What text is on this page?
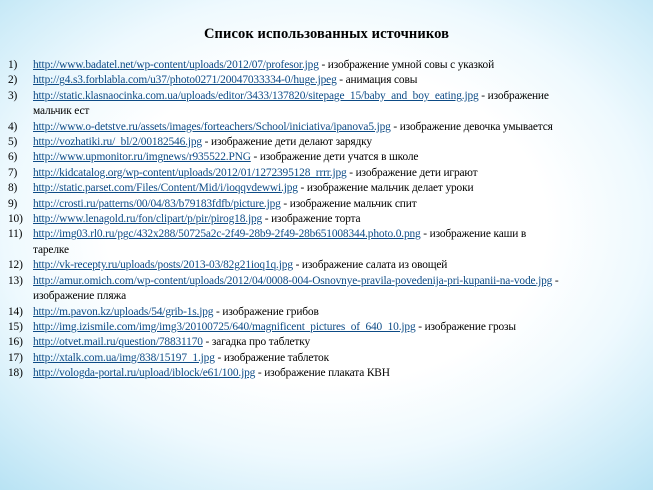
Список использованных источников
1) http://www.badatel.net/wp-content/uploads/2012/07/profesor.jpg - изображение умной совы с указкой
2) http://g4.s3.forblabla.com/u37/photo0271/20047033334-0/huge.jpeg - анимация совы
3) http://static.klasnaocinka.com.ua/uploads/editor/3433/137820/sitepage_15/baby_and_boy_eating.jpg - изображение
мальчик ест
4) http://www.o-detstve.ru/assets/images/forteachers/School/iniciativa/ipanova5.jpg - изображение девочка умывается
5) http://vozhatiki.ru/_bl/2/00182546.jpg - изображение дети делают зарядку
6) http://www.upmonitor.ru/imgnews/r935522.PNG - изображение дети учатся в школе
7) http://kidcatalog.org/wp-content/uploads/2012/01/1272395128_rrrr.jpg - изображение дети играют
8) http://static.parset.com/Files/Content/Mid/i/ioqqvdewwi.jpg - изображение мальчик делает уроки
9) http://crosti.ru/patterns/00/04/83/b79183fdfb/picture.jpg - изображение мальчик спит
10) http://www.lenagold.ru/fon/clipart/p/pir/pirog18.jpg - изображение торта
11) http://img03.rl0.ru/pgc/432x288/50725a2c-2f49-28b9-2f49-28b651008344.photo.0.png - изображение каши в
тарелке
12) http://vk-receptу.ru/uploads/posts/2013-03/82g21ioq1q.jpg - изображение салата из овощей
13) http://amur.omich.com/wp-content/uploads/2012/04/0008-004-Osnovnye-pravila-povedenija-pri-kupanii-na-vode.jpg -
изображение пляжа
14) http://m.pavon.kz/uploads/54/grib-1s.jpg - изображение грибов
15) http://img.izismile.com/img/img3/20100725/640/magnificent_pictures_of_640_10.jpg - изображение грозы
16) http://otvet.mail.ru/question/78831170 - загадка про таблетку
17) http://xtalk.com.ua/img/838/15197_1.jpg - изображение таблеток
18) http://vologda-portal.ru/upload/iblock/e61/100.jpg - изображение плаката КВН
